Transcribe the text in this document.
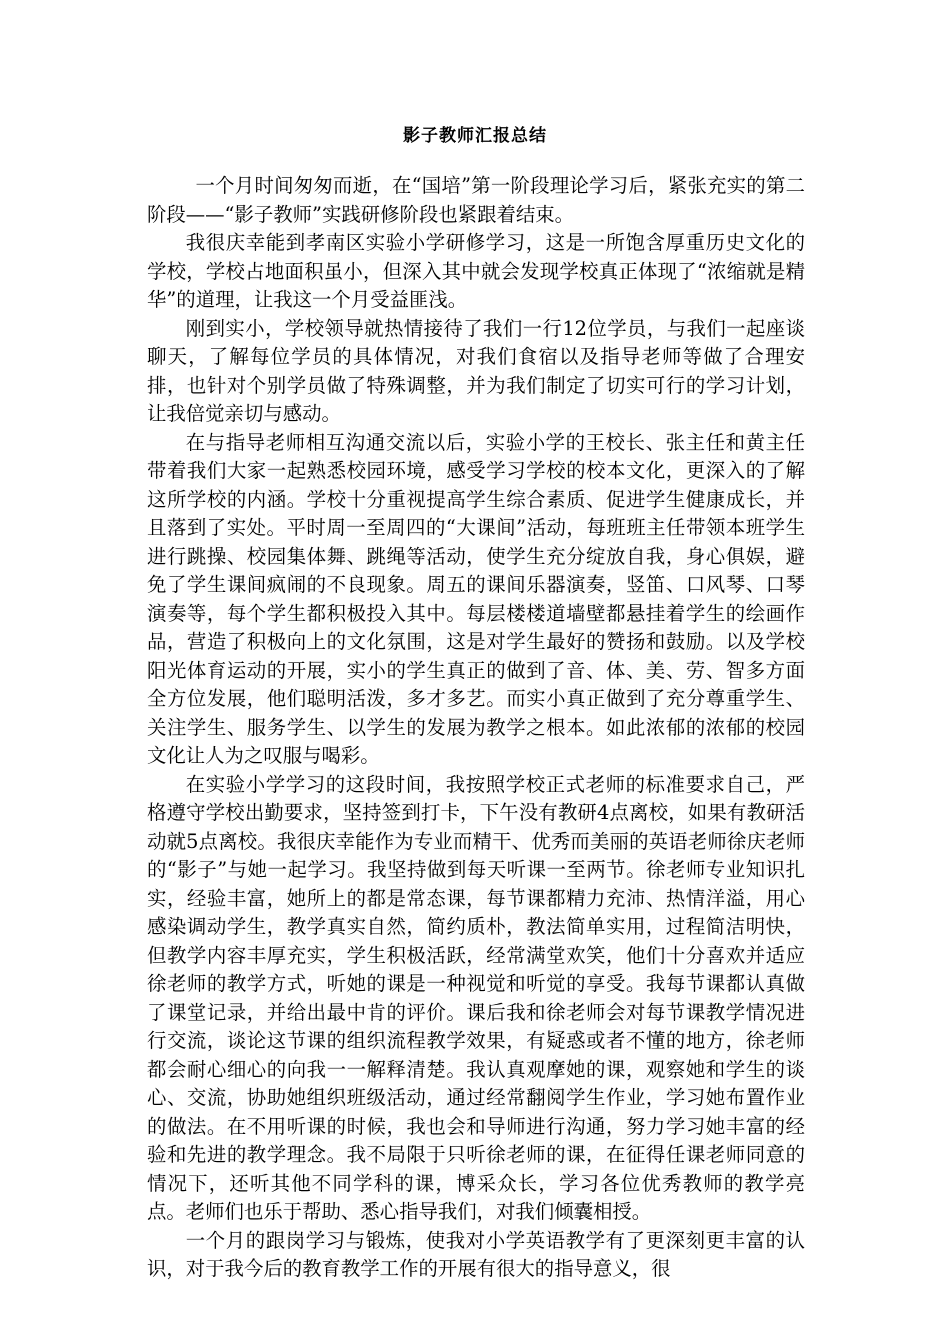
影子教师汇报总结

一个月时间匆匆而逝，在“国培”第一阶段理论学习后，紧张充实的第二阶段——“影子教师”实践研修阶段也紧跟着结束。

我很庆幸能到孝南区实验小学研修学习，这是一所饱含厚重历史文化的学校，学校占地面积虽小，但深入其中就会发现学校真正体现了“浓缩就是精华”的道理，让我这一个月受益匪浅。

刚到实小，学校领导就热情接待了我们一行12位学员，与我们一起座谈聊天，了解每位学员的具体情况，对我们食宿以及指导老师等做了合理安排，也针对个别学员做了特殊调整，并为我们制定了切实可行的学习计划，让我倍觉亲切与感动。

在与指导老师相互沟通交流以后，实验小学的王校长、张主任和黄主任带着我们大家一起熟悉校园环境，感受学习学校的校本文化，更深入的了解这所学校的内涵。学校十分重视提高学生综合素质、促进学生健康成长，并且落到了实处。平时周一至周四的“大课间”活动，每班班主任带领本班学生进行跳操、校园集体舞、跳绳等活动，使学生充分绽放自我，身心俱娱，避免了学生课间疯闹的不良现象。周五的课间乐器演奏，竖笛、口风琴、口琴演奏等，每个学生都积极投入其中。每层楼楼道墙壁都悬挂着学生的绘画作品，营造了积极向上的文化氛围，这是对学生最好的赞扬和鼓励。以及学校阳光体育运动的开展，实小的学生真正的做到了音、体、美、劳、智多方面全方位发展，他们聪明活泼，多才多艺。而实小真正做到了充分尊重学生、关注学生、服务学生、以学生的发展为教学之根本。如此浓郁的浓郁的校园文化让人为之叹服与喝彩。

在实验小学学习的这段时间，我按照学校正式老师的标准要求自己，严格遵守学校出勤要求，坚持签到打卡，下午没有教研4点离校，如果有教研活动就5点离校。我很庆幸能作为专业而精干、优秀而美丽的英语老师徐庆老师的“影子”与她一起学习。我坚持做到每天听课一至两节。徐老师专业知识扎实，经验丰富，她所上的都是常态课，每节课都精力充沛、热情洋溢，用心感染调动学生，教学真实自然，简约质朴，教法简单实用，过程简洁明快，但教学内容丰厚充实，学生积极活跃，经常满堂欢笑，他们十分喜欢并适应徐老师的教学方式，听她的课是一种视觉和听觉的享受。我每节课都认真做了课堂记录，并给出最中肯的评价。课后我和徐老师会对每节课教学情况进行交流，谈论这节课的组织流程教学效果，有疑惑或者不懂的地方，徐老师都会耐心细心的向我一一解释清楚。我认真观摩她的课，观察她和学生的谈心、交流，协助她组织班级活动，通过经常翻阅学生作业，学习她布置作业的做法。在不用听课的时候，我也会和导师进行沟通，努力学习她丰富的经验和先进的教学理念。我不局限于只听徐老师的课，在征得任课老师同意的情况下，还听其他不同学科的课，博采众长，学习各位优秀教师的教学亮点。老师们也乐于帮助、悉心指导我们，对我们倾囊相授。

一个月的跟岗学习与锻炼，使我对小学英语教学有了更深刻更丰富的认识，对于我今后的教育教学工作的开展有很大的指导意义，很
